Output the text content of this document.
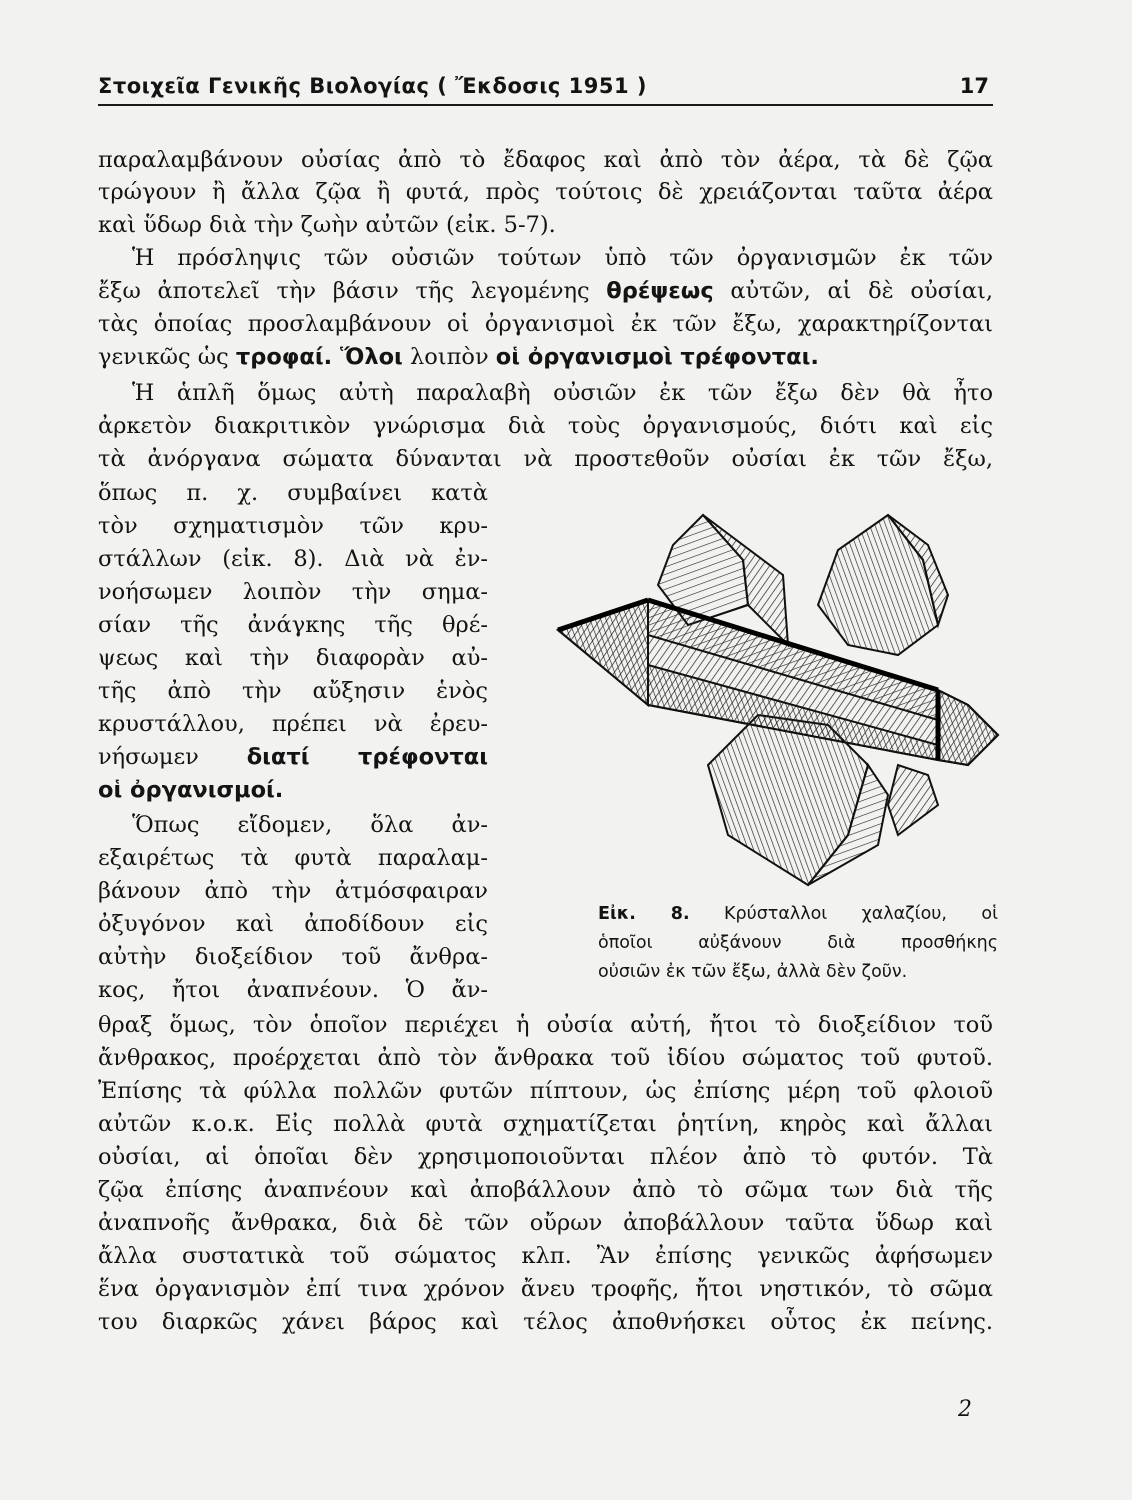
Στοιχεῖα Γενικῆς Βιολογίας ( Ἔκδοσις 1951 )	17
παραλαμβάνουν οὐσίας ἀπὸ τὸ ἔδαφος καὶ ἀπὸ τὸν ἀέρα, τὰ δὲ ζῷα
τρώγουν ἢ ἄλλα ζῷα ἢ φυτά, πρὸς τούτοις δὲ χρειάζονται ταῦτα ἀέρα
καὶ ὕδωρ διὰ τὴν ζωὴν αὐτῶν (εἰκ. 5-7).
Ἡ πρόσληψις τῶν οὐσιῶν τούτων ὑπὸ τῶν ὀργανισμῶν ἐκ τῶν
ἔξω ἀποτελεῖ τὴν βάσιν τῆς λεγομένης θρέψεως αὐτῶν, αἱ δὲ οὐσίαι,
τὰς ὁποίας προσλαμβάνουν οἱ ὀργανισμοὶ ἐκ τῶν ἔξω, χαρακτηρίζονται
γενικῶς ὡς τροφαί. Ὅλοι λοιπὸν οἱ ὀργανισμοὶ τρέφονται.
Ἡ ἁπλῆ ὅμως αὐτὴ παραλαβὴ οὐσιῶν ἐκ τῶν ἔξω δὲν θὰ ἦτο
ἀρκετὸν διακριτικὸν γνώρισμα διὰ τοὺς ὀργανισμούς, διότι καὶ εἰς
τὰ ἀνόργανα σώματα δύνανται νὰ προστεθοῦν οὐσίαι ἐκ τῶν ἔξω,
ὅπως π. χ. συμβαίνει κατὰ
τὸν σχηματισμὸν τῶν κρυ-
στάλλων (εἰκ. 8). Διὰ νὰ ἐν-
νοήσωμεν λοιπὸν τὴν σημα-
σίαν τῆς ἀνάγκης τῆς θρέ-
ψεως καὶ τὴν διαφορὰν αὐ-
τῆς ἀπὸ τὴν αὔξησιν ἑνὸς
κρυστάλλου, πρέπει νὰ ἐρευ-
νήσωμεν διατί τρέφονται
οἱ ὀργανισμοί.
Ὅπως εἴδομεν, ὅλα ἀν-
εξαιρέτως τὰ φυτὰ παραλαμ-
βάνουν ἀπὸ τὴν ἀτμόσφαιραν
ὀξυγόνον καὶ ἀποδίδουν εἰς
αὐτὴν διοξείδιον τοῦ ἄνθρα-
κος, ἤτοι ἀναπνέουν. Ὁ ἄν-
θραξ ὅμως, τὸν ὁποῖον περιέχει ἡ οὐσία αὐτή, ἤτοι τὸ διοξείδιον τοῦ
ἄνθρακος, προέρχεται ἀπὸ τὸν ἄνθρακα τοῦ ἰδίου σώματος τοῦ φυτοῦ.
Ἐπίσης τὰ φύλλα πολλῶν φυτῶν πίπτουν, ὡς ἐπίσης μέρη τοῦ φλοιοῦ
αὐτῶν κ.ο.κ. Εἰς πολλὰ φυτὰ σχηματίζεται ῥητίνη, κηρὸς καὶ ἄλλαι
οὐσίαι, αἱ ὁποῖαι δὲν χρησιμοποιοῦνται πλέον ἀπὸ τὸ φυτόν. Τὰ
ζῷα ἐπίσης ἀναπνέουν καὶ ἀποβάλλουν ἀπὸ τὸ σῶμα των διὰ τῆς
ἀναπνοῆς ἄνθρακα, διὰ δὲ τῶν οὔρων ἀποβάλλουν ταῦτα ὕδωρ καὶ
ἄλλα συστατικὰ τοῦ σώματος κλπ. Ἂν ἐπίσης γενικῶς ἀφήσωμεν
ἕνα ὀργανισμὸν ἐπί τινα χρόνον ἄνευ τροφῆς, ἤτοι νηστικόν, τὸ σῶμα
του διαρκῶς χάνει βάρος καὶ τέλος ἀποθνήσκει οὗτος ἐκ πείνης.
Εἰκ. 8. Κρύσταλλοι χαλαζίου, οἱ
ὁποῖοι αὐξάνουν διὰ προσθήκης
οὐσιῶν ἐκ τῶν ἔξω, ἀλλὰ δὲν ζοῦν.
2
